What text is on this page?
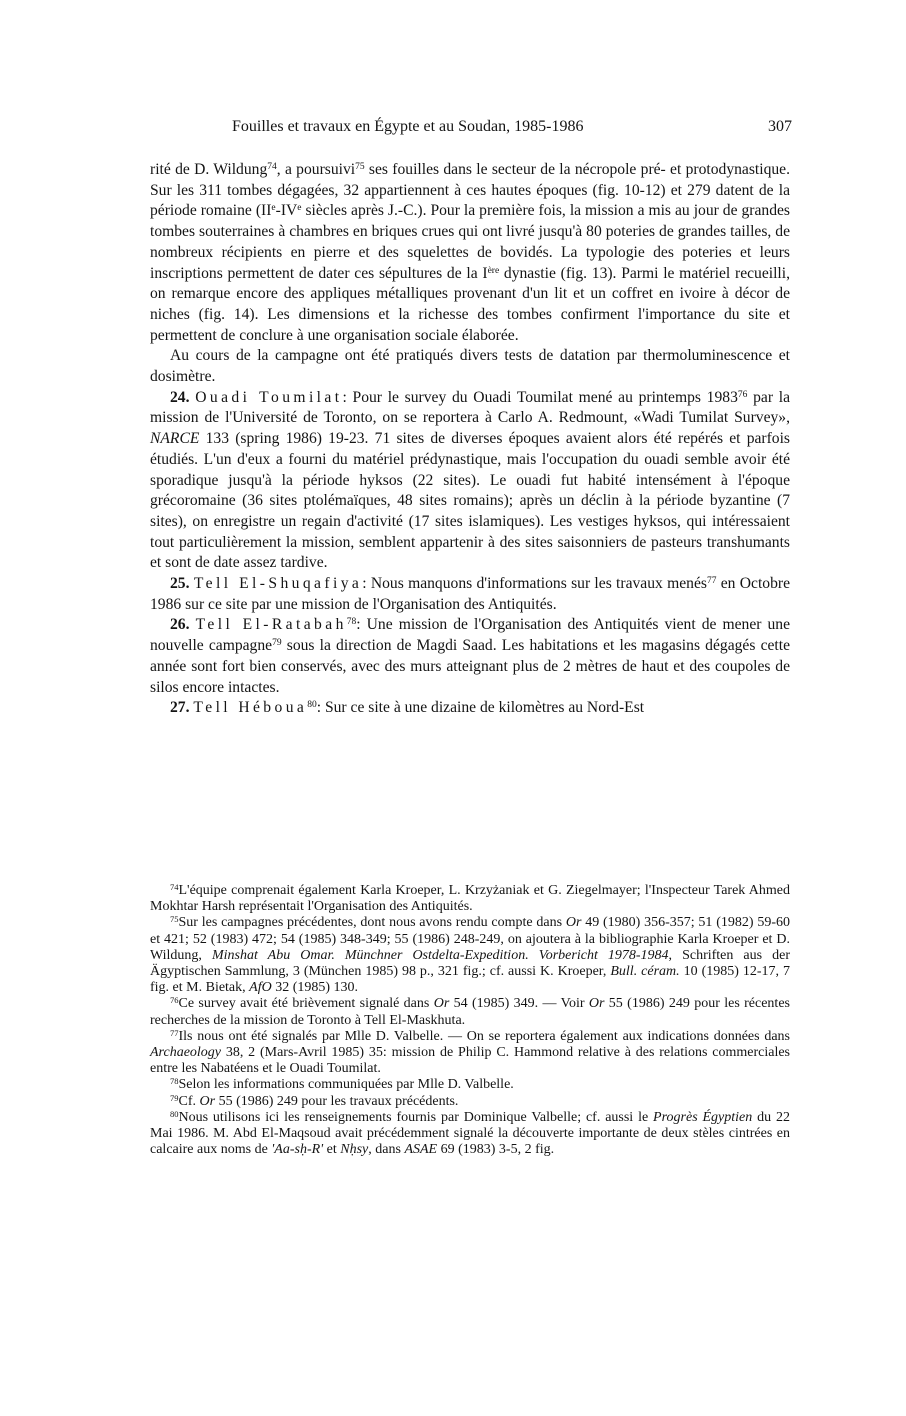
Fouilles et travaux en Égypte et au Soudan, 1985-1986	307

rité de D. Wildung$^{74}$, a poursuivi$^{75}$ ses fouilles dans le secteur de la nécropole pré- et protodynastique. Sur les 311 tombes dégagées, 32 appartiennent à ces hautes époques (fig. 10-12) et 279 datent de la période romaine (IIe-IVe siècles après J.-C.). Pour la première fois, la mission a mis au jour de grandes tombes souterraines à chambres en briques crues qui ont livré jusqu'à 80 poteries de grandes tailles, de nombreux récipients en pierre et des squelettes de bovidés. La typologie des poteries et leurs inscriptions permettent de dater ces sépultures de la Ière dynastie (fig. 13). Parmi le matériel recueilli, on remarque encore des appliques métalliques provenant d'un lit et un coffret en ivoire à décor de niches (fig. 14). Les dimensions et la richesse des tombes confirment l'importance du site et permettent de conclure à une organisation sociale élaborée.

Au cours de la campagne ont été pratiqués divers tests de datation par thermoluminescence et dosimètre.

24. Ouadi Toumilat: Pour le survey du Ouadi Toumilat mené au printemps 1983$^{76}$ par la mission de l'Université de Toronto, on se reportera à Carlo A. Redmount, «Wadi Tumilat Survey», NARCE 133 (spring 1986) 19-23. 71 sites de diverses époques avaient alors été repérés et parfois étudiés. L'un d'eux a fourni du matériel prédynastique, mais l'occupation du ouadi semble avoir été sporadique jusqu'à la période hyksos (22 sites). Le ouadi fut habité intensément à l'époque grécoromaine (36 sites ptolémaïques, 48 sites romains); après un déclin à la période byzantine (7 sites), on enregistre un regain d'activité (17 sites islamiques). Les vestiges hyksos, qui intéressaient tout particulièrement la mission, semblent appartenir à des sites saisonniers de pasteurs transhumants et sont de date assez tardive.

25. Tell El-Shuqafiya: Nous manquons d'informations sur les travaux menés$^{77}$ en Octobre 1986 sur ce site par une mission de l'Organisation des Antiquités.

26. Tell El-Ratabah$^{78}$: Une mission de l'Organisation des Antiquités vient de mener une nouvelle campagne$^{79}$ sous la direction de Magdi Saad. Les habitations et les magasins dégagés cette année sont fort bien conservés, avec des murs atteignant plus de 2 mètres de haut et des coupoles de silos encore intactes.

27. Tell Héboua$^{80}$: Sur ce site à une dizaine de kilomètres au Nord-Est

$^{74}$L'équipe comprenait également Karla Kroeper, L. Krzyżaniak et G. Ziegelmayer; l'Inspecteur Tarek Ahmed Mokhtar Harsh représentait l'Organisation des Antiquités.

$^{75}$Sur les campagnes précédentes, dont nous avons rendu compte dans Or 49 (1980) 356-357; 51 (1982) 59-60 et 421; 52 (1983) 472; 54 (1985) 348-349; 55 (1986) 248-249, on ajoutera à la bibliographie Karla Kroeper et D. Wildung, Minshat Abu Omar. Münchner Ostdelta-Expedition. Vorbericht 1978-1984, Schriften aus der Ägyptischen Sammlung, 3 (München 1985) 98 p., 321 fig.; cf. aussi K. Kroeper, Bull. céram. 10 (1985) 12-17, 7 fig. et M. Bietak, AfO 32 (1985) 130.

$^{76}$Ce survey avait été brièvement signalé dans Or 54 (1985) 349. — Voir Or 55 (1986) 249 pour les récentes recherches de la mission de Toronto à Tell El-Maskhuta.

$^{77}$Ils nous ont été signalés par Mlle D. Valbelle. — On se reportera également aux indications données dans Archaeology 38, 2 (Mars-Avril 1985) 35: mission de Philip C. Hammond relative à des relations commerciales entre les Nabatéens et le Ouadi Toumilat.

$^{78}$Selon les informations communiquées par Mlle D. Valbelle.

$^{79}$Cf. Or 55 (1986) 249 pour les travaux précédents.

$^{80}$Nous utilisons ici les renseignements fournis par Dominique Valbelle; cf. aussi le Progrès Égyptien du 22 Mai 1986. M. Abd El-Maqsoud avait précédemment signalé la découverte importante de deux stèles cintrées en calcaire aux noms de 'Aa-sḥ-R' et Nḥsy, dans ASAE 69 (1983) 3-5, 2 fig.
